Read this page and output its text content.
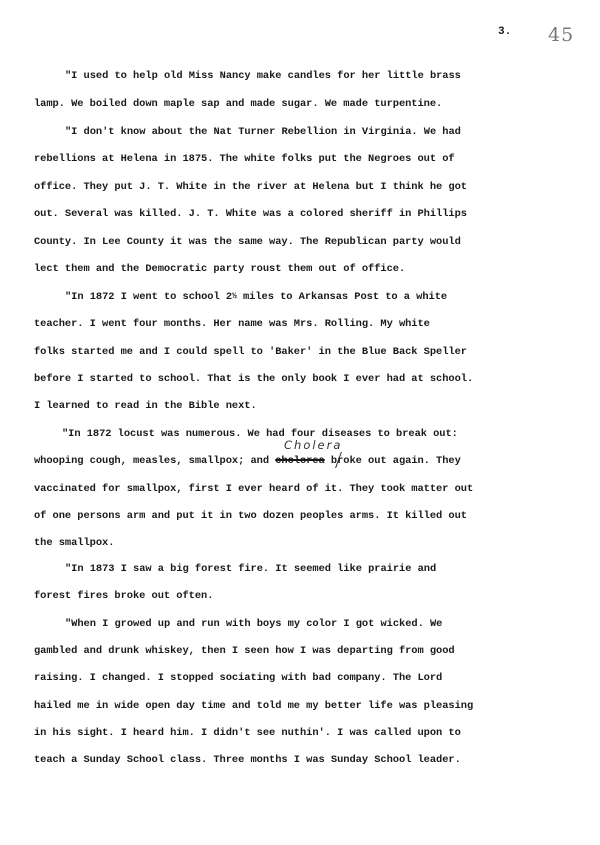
3. 45
"I used to help old Miss Nancy make candles for her little brass
lamp. We boiled down maple sap and made sugar. We made turpentine.
"I don't know about the Nat Turner Rebellion in Virginia. We had
rebellions at Helena in 1875. The white folks put the Negroes out of
office. They put J. T. White in the river at Helena but I think he got
out. Several was killed. J. T. White was a colored sheriff in Phillips
County. In Lee County it was the same way. The Republican party would
lect them and the Democratic party roust them out of office.
"In 1872 I went to school 2½ miles to Arkansas Post to a white
teacher. I went four months. Her name was Mrs. Rolling. My white
folks started me and I could spell to 'Baker' in the Blue Back Speller
before I started to school. That is the only book I ever had at school.
I learned to read in the Bible next.
"In 1872 locust was numerous. We had four diseases to break out:
Cholera
whooping cough, measles, smallpox; and cholorea broke out again. They
vaccinated for smallpox, first I ever heard of it. They took matter out
of one persons arm and put it in two dozen peoples arms. It killed out
the smallpox.
"In 1873 I saw a big forest fire. It seemed like prairie and
forest fires broke out often.
"When I growed up and run with boys my color I got wicked. We
gambled and drunk whiskey, then I seen how I was departing from good
raising. I changed. I stopped sociating with bad company. The Lord
hailed me in wide open day time and told me my better life was pleasing
in his sight. I heard him. I didn't see nuthin'. I was called upon to
teach a Sunday School class. Three months I was Sunday School leader.
